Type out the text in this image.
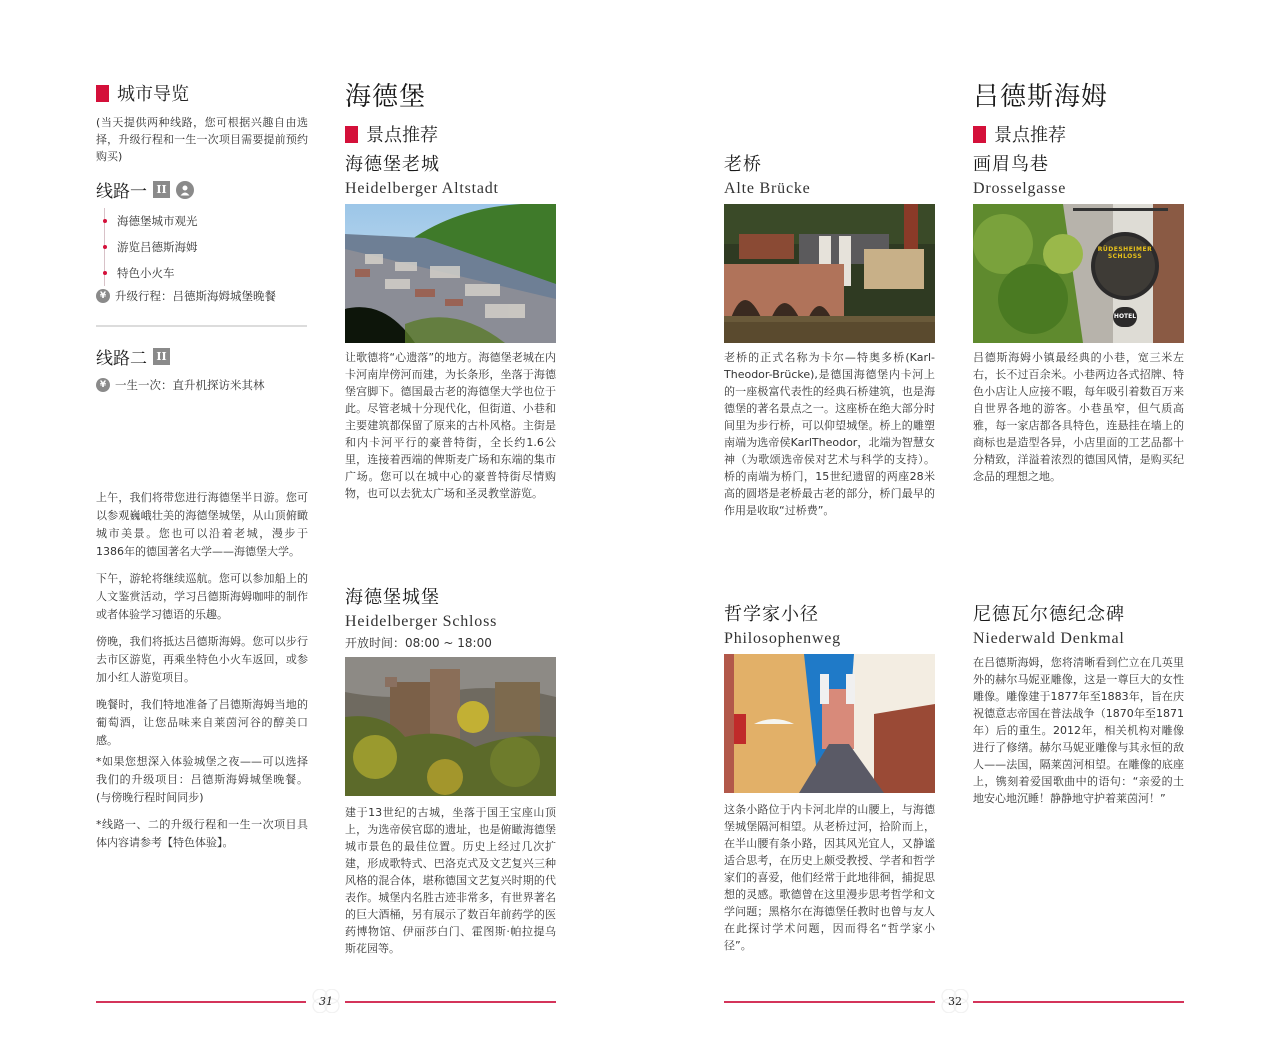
城市导览
(当天提供两种线路，您可根据兴趣自由选择，升级行程和一生一次项目需要提前预约购买)
线路一 II
海德堡城市观光
游览吕德斯海姆
特色小火车
¥ 升级行程：吕德斯海姆城堡晚餐
线路二 II
¥ 一生一次：直升机探访米其林

上午，我们将带您进行海德堡半日游。您可以参观巍峨壮美的海德堡城堡，从山顶俯瞰城市美景。您也可以沿着老城，漫步于1386年的德国著名大学——海德堡大学。

下午，游轮将继续巡航。您可以参加船上的人文鉴赏活动，学习吕德斯海姆咖啡的制作或者体验学习德语的乐趣。

傍晚，我们将抵达吕德斯海姆。您可以步行去市区游览，再乘坐特色小火车返回，或参加小红人游览项目。

晚餐时，我们特地准备了吕德斯海姆当地的葡萄酒，让您品味来自莱茵河谷的醇美口感。

*如果您想深入体验城堡之夜——可以选择我们的升级项目：吕德斯海姆城堡晚餐。(与傍晚行程时间同步)

*线路一、二的升级行程和一生一次项目具体内容请参考【特色体验】。

海德堡
景点推荐
海德堡老城
Heidelberger Altstadt
让歌德将“心遗落”的地方。海德堡老城在内卡河南岸傍河而建，为长条形，坐落于海德堡宫脚下。德国最古老的海德堡大学也位于此。尽管老城十分现代化，但街道、小巷和主要建筑都保留了原来的古朴风格。主街是和内卡河平行的豪普特街，全长约1.6公里，连接着西端的俾斯麦广场和东端的集市广场。您可以在城中心的豪普特街尽情购物，也可以去犹太广场和圣灵教堂游览。
海德堡城堡
Heidelberger Schloss
开放时间：08:00 ~ 18:00
建于13世纪的古城，坐落于国王宝座山顶上，为选帝侯官邸的遗址，也是俯瞰海德堡城市景色的最佳位置。历史上经过几次扩建，形成歌特式、巴洛克式及文艺复兴三种风格的混合体，堪称德国文艺复兴时期的代表作。城堡内名胜古迹非常多，有世界著名的巨大酒桶，另有展示了数百年前药学的医药博物馆、伊丽莎白门、霍图斯·帕拉提乌斯花园等。
老桥
Alte Brücke
老桥的正式名称为卡尔—特奥多桥(Karl-Theodor-Brücke),是德国海德堡内卡河上的一座极富代表性的经典石桥建筑，也是海德堡的著名景点之一。这座桥在绝大部分时间里为步行桥，可以仰望城堡。桥上的雕塑南端为选帝侯KarlTheodor，北端为智慧女神（为歌颂选帝侯对艺术与科学的支持）。桥的南端为桥门，15世纪遗留的两座28米高的圆塔是老桥最古老的部分，桥门最早的作用是收取“过桥费”。
哲学家小径
Philosophenweg
这条小路位于内卡河北岸的山腰上，与海德堡城堡隔河相望。从老桥过河，拾阶而上，在半山腰有条小路，因其风光宜人，又静谧适合思考，在历史上颇受教授、学者和哲学家们的喜爱，他们经常于此地徘徊，捕捉思想的灵感。歌德曾在这里漫步思考哲学和文学问题；黑格尔在海德堡任教时也曾与友人在此探讨学术问题，因而得名“哲学家小径”。
吕德斯海姆
景点推荐
画眉鸟巷
Drosselgasse
RÜDESHEIMER SCHLOSS
HOTEL
吕德斯海姆小镇最经典的小巷，宽三米左右，长不过百余米。小巷两边各式招牌、特色小店让人应接不暇，每年吸引着数百万来自世界各地的游客。小巷虽窄，但气质高雅，每一家店都各具特色，连悬挂在墙上的商标也是造型各异，小店里面的工艺品都十分精致，洋溢着浓烈的德国风情，是购买纪念品的理想之地。
尼德瓦尔德纪念碑
Niederwald Denkmal
在吕德斯海姆，您将清晰看到伫立在几英里外的赫尔马妮亚雕像，这是一尊巨大的女性雕像。雕像建于1877年至1883年，旨在庆祝德意志帝国在普法战争（1870年至1871年）后的重生。2012年，相关机构对雕像进行了修缮。赫尔马妮亚雕像与其永恒的敌人——法国，隔莱茵河相望。在雕像的底座上，镌刻着爱国歌曲中的语句：“亲爱的土地安心地沉睡！静静地守护着莱茵河！”
31	32
